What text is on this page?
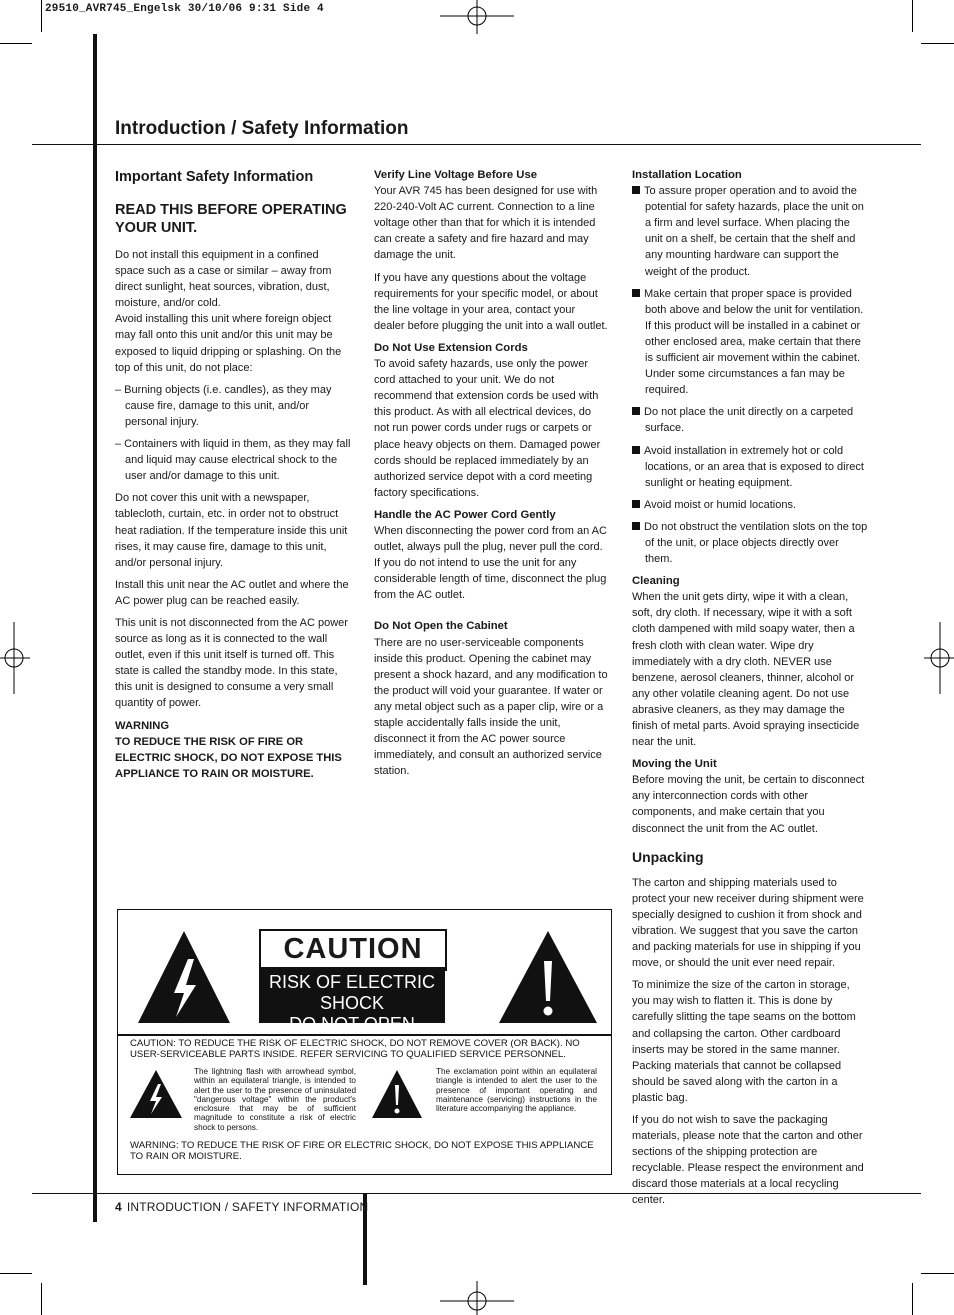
29510_AVR745_Engelsk 30/10/06 9:31 Side 4
Introduction / Safety Information
Important Safety Information
READ THIS BEFORE OPERATING YOUR UNIT.

Do not install this equipment in a confined space such as a case or similar – away from direct sunlight, heat sources, vibration, dust, moisture, and/or cold.

Avoid installing this unit where foreign object may fall onto this unit and/or this unit may be exposed to liquid dripping or splashing. On the top of this unit, do not place:

– Burning objects (i.e. candles), as they may cause fire, damage to this unit, and/or personal injury.

– Containers with liquid in them, as they may fall and liquid may cause electrical shock to the user and/or damage to this unit.

Do not cover this unit with a newspaper, tablecloth, curtain, etc. in order not to obstruct heat radiation. If the temperature inside this unit rises, it may cause fire, damage to this unit, and/or personal injury.

Install this unit near the AC outlet and where the AC power plug can be reached easily.

This unit is not disconnected from the AC power source as long as it is connected to the wall outlet, even if this unit itself is turned off. This state is called the standby mode. In this state, this unit is designed to consume a very small quantity of power.

WARNING
TO REDUCE THE RISK OF FIRE OR ELECTRIC SHOCK, DO NOT EXPOSE THIS APPLIANCE TO RAIN OR MOISTURE.
Verify Line Voltage Before Use

Your AVR 745 has been designed for use with 220-240-Volt AC current. Connection to a line voltage other than that for which it is intended can create a safety and fire hazard and may damage the unit.

If you have any questions about the voltage requirements for your specific model, or about the line voltage in your area, contact your dealer before plugging the unit into a wall outlet.

Do Not Use Extension Cords

To avoid safety hazards, use only the power cord attached to your unit. We do not recommend that extension cords be used with this product. As with all electrical devices, do not run power cords under rugs or carpets or place heavy objects on them. Damaged power cords should be replaced immediately by an authorized service depot with a cord meeting factory specifications.

Handle the AC Power Cord Gently

When disconnecting the power cord from an AC outlet, always pull the plug, never pull the cord. If you do not intend to use the unit for any considerable length of time, disconnect the plug from the AC outlet.

Do Not Open the Cabinet

There are no user-serviceable components inside this product. Opening the cabinet may present a shock hazard, and any modification to the product will void your guarantee. If water or any metal object such as a paper clip, wire or a staple accidentally falls inside the unit, disconnect it from the AC power source immediately, and consult an authorized service station.

Installation Location

To assure proper operation and to avoid the potential for safety hazards, place the unit on a firm and level surface. When placing the unit on a shelf, be certain that the shelf and any mounting hardware can support the weight of the product.

Make certain that proper space is provided both above and below the unit for ventilation. If this product will be installed in a cabinet or other enclosed area, make certain that there is sufficient air movement within the cabinet. Under some circumstances a fan may be required.

Do not place the unit directly on a carpeted surface.

Avoid installation in extremely hot or cold locations, or an area that is exposed to direct sunlight or heating equipment.

Avoid moist or humid locations.

Do not obstruct the ventilation slots on the top of the unit, or place objects directly over them.

Cleaning

When the unit gets dirty, wipe it with a clean, soft, dry cloth. If necessary, wipe it with a soft cloth dampened with mild soapy water, then a fresh cloth with clean water. Wipe dry immediately with a dry cloth. NEVER use benzene, aerosol cleaners, thinner, alcohol or any other volatile cleaning agent. Do not use abrasive cleaners, as they may damage the finish of metal parts. Avoid spraying insecticide near the unit.

Moving the Unit

Before moving the unit, be certain to disconnect any interconnection cords with other components, and make certain that you disconnect the unit from the AC outlet.

Unpacking

The carton and shipping materials used to protect your new receiver during shipment were specially designed to cushion it from shock and vibration. We suggest that you save the carton and packing materials for use in shipping if you move, or should the unit ever need repair.

To minimize the size of the carton in storage, you may wish to flatten it. This is done by carefully slitting the tape seams on the bottom and collapsing the carton. Other cardboard inserts may be stored in the same manner. Packing materials that cannot be collapsed should be saved along with the carton in a plastic bag.

If you do not wish to save the packaging materials, please note that the carton and other sections of the shipping protection are recyclable. Please respect the environment and discard those materials at a local recycling center.

CAUTION
RISK OF ELECTRIC SHOCK
DO NOT OPEN
CAUTION: TO REDUCE THE RISK OF ELECTRIC SHOCK, DO NOT REMOVE COVER (OR BACK). NO USER-SERVICEABLE PARTS INSIDE. REFER SERVICING TO QUALIFIED SERVICE PERSONNEL.
The lightning flash with arrowhead symbol, within an equilateral triangle, is intended to alert the user to the presence of uninsulated "dangerous voltage" within the product's enclosure that may be of sufficient magnitude to constitute a risk of electric shock to persons.
The exclamation point within an equilateral triangle is intended to alert the user to the presence of important operating and maintenance (servicing) instructions in the literature accompanying the appliance.
WARNING: TO REDUCE THE RISK OF FIRE OR ELECTRIC SHOCK, DO NOT EXPOSE THIS APPLIANCE TO RAIN OR MOISTURE.
4 INTRODUCTION / SAFETY INFORMATION
